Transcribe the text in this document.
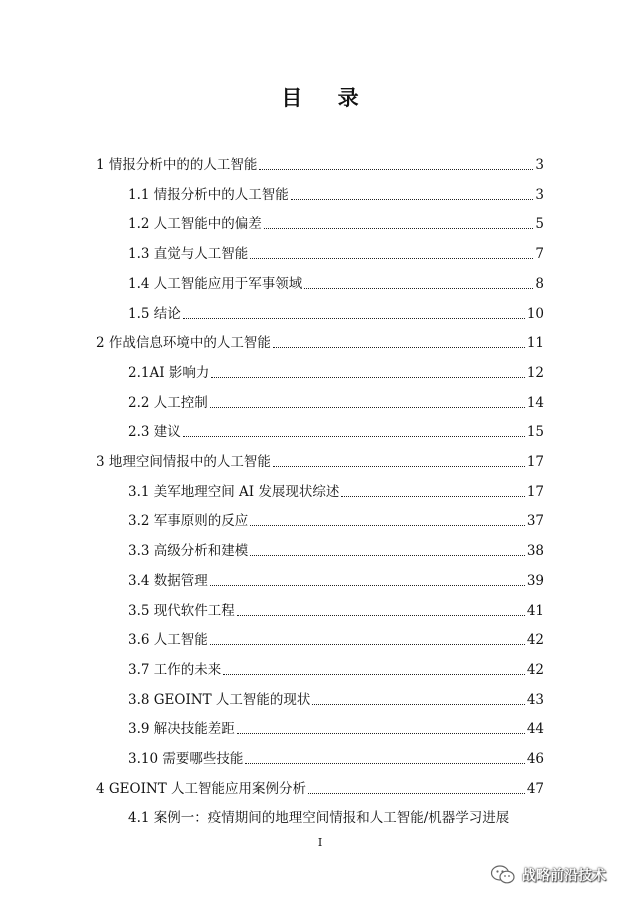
目 录
1 情报分析中的的人工智能	3
1.1 情报分析中的人工智能	3
1.2 人工智能中的偏差	5
1.3 直觉与人工智能	7
1.4 人工智能应用于军事领域	8
1.5 结论	10
2 作战信息环境中的人工智能	11
2.1AI 影响力	12
2.2 人工控制	14
2.3 建议	15
3 地理空间情报中的人工智能	17
3.1 美军地理空间 AI 发展现状综述	17
3.2 军事原则的反应	37
3.3 高级分析和建模	38
3.4 数据管理	39
3.5 现代软件工程	41
3.6 人工智能	42
3.7 工作的未来	42
3.8 GEOINT 人工智能的现状	43
3.9 解决技能差距	44
3.10 需要哪些技能	46
4 GEOINT 人工智能应用案例分析	47
4.1 案例一：疫情期间的地理空间情报和人工智能/机器学习进展
I
战略前沿技术
